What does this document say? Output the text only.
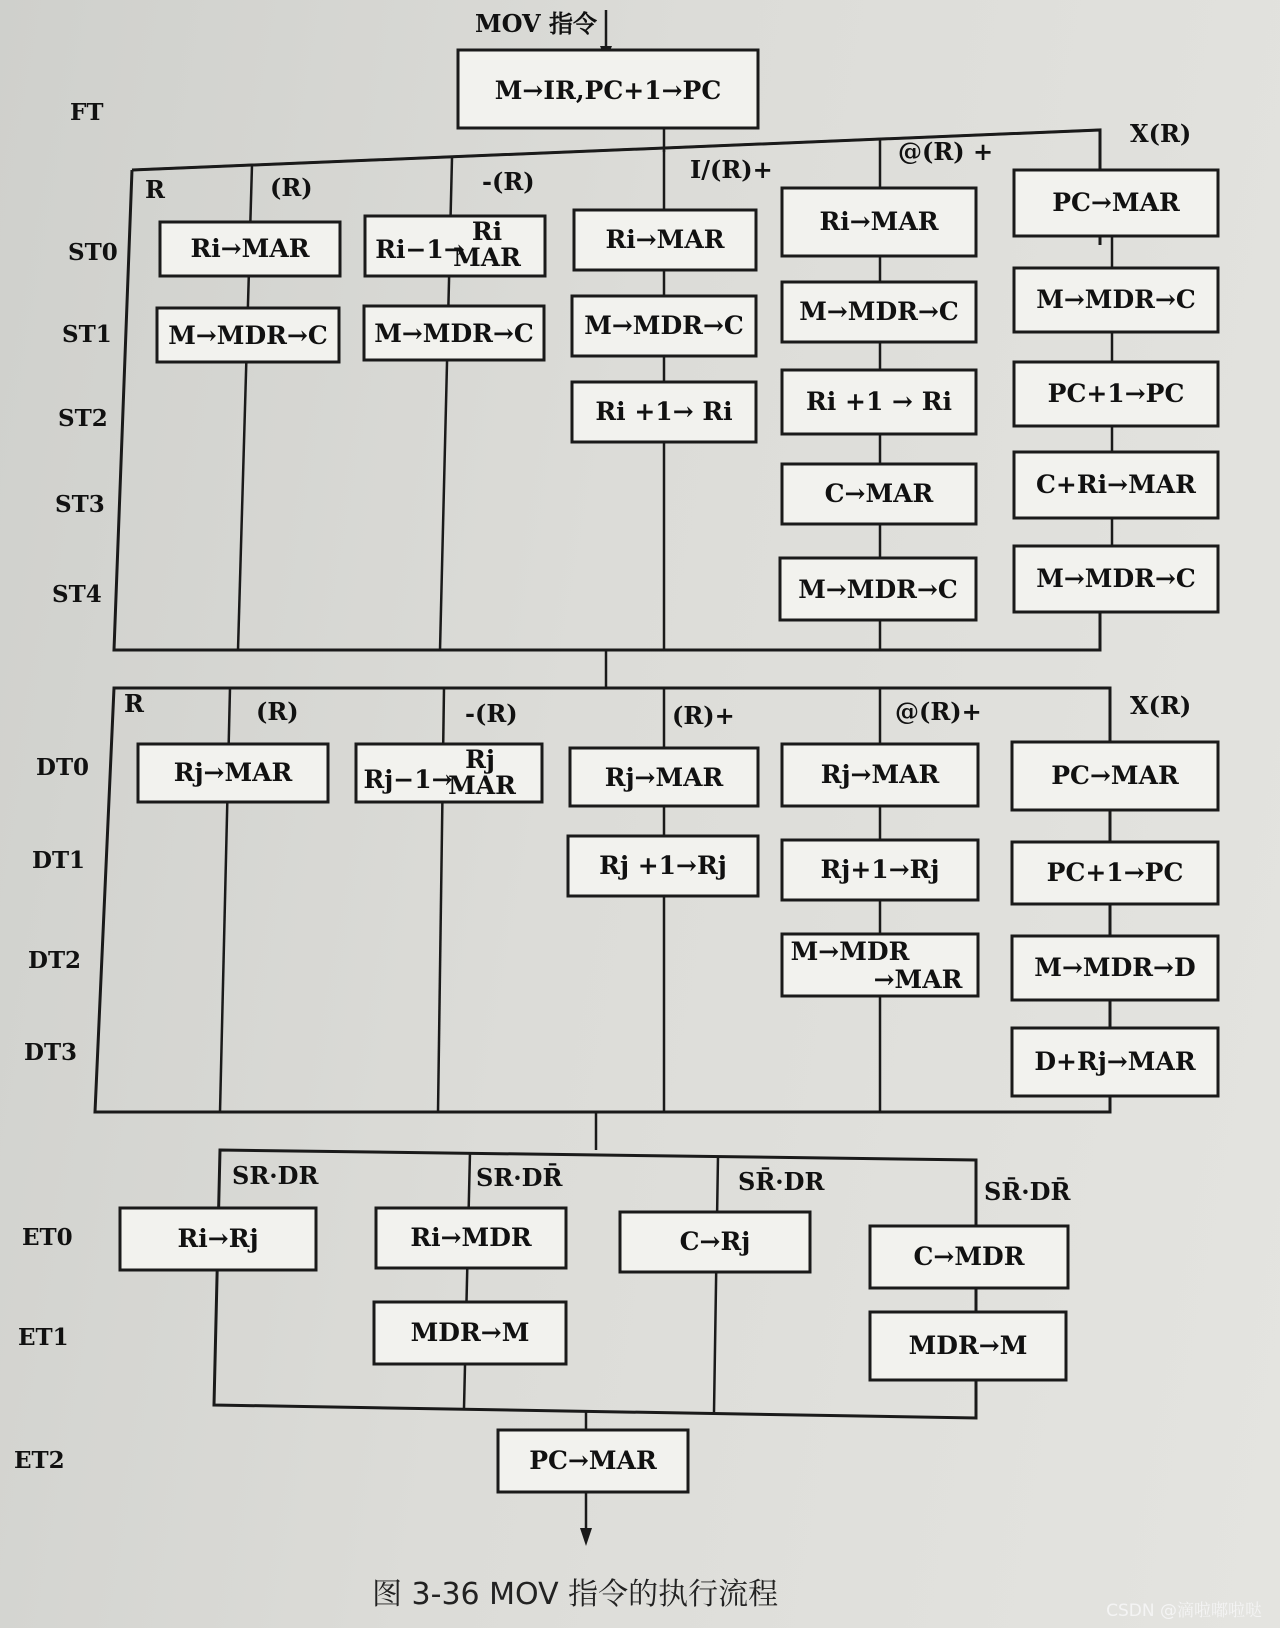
MOV 指令
FT
M→IR,PC+1→PC
R	(R)	-(R)	I/(R)+
@(R) +
X(R)
ST0
ST1
ST2
ST3
ST4
Ri→MAR
M→MDR→C
Ri−1→
Ri
MAR
M→MDR→C
Ri→MAR
M→MDR→C
Ri +1→ Ri
Ri→MAR
M→MDR→C
Ri +1 → Ri
C→MAR
M→MDR→C
PC→MAR
M→MDR→C
PC+1→PC
C+Ri→MAR
M→MDR→C
R	(R)	-(R)	(R)+	@(R)+	X(R)
DT0
DT1
DT2
DT3
Rj→MAR	Rj−1→
Rj
MAR	Rj→MAR
Rj +1→Rj
Rj→MAR
Rj+1→Rj
M→MDR
→MAR
PC→MAR
PC+1→PC
M→MDR→D
D+Rj→MAR
SR·DR	SR·DR̄	SR̄·DR	SR̄·DR̄
ET0
ET1
ET2
Ri→Rj	Ri→MDR
MDR→M
C→Rj
C→MDR
MDR→M
PC→MAR
图 3-36 MOV 指令的执行流程	CSDN @滴啦嘟啦哒
